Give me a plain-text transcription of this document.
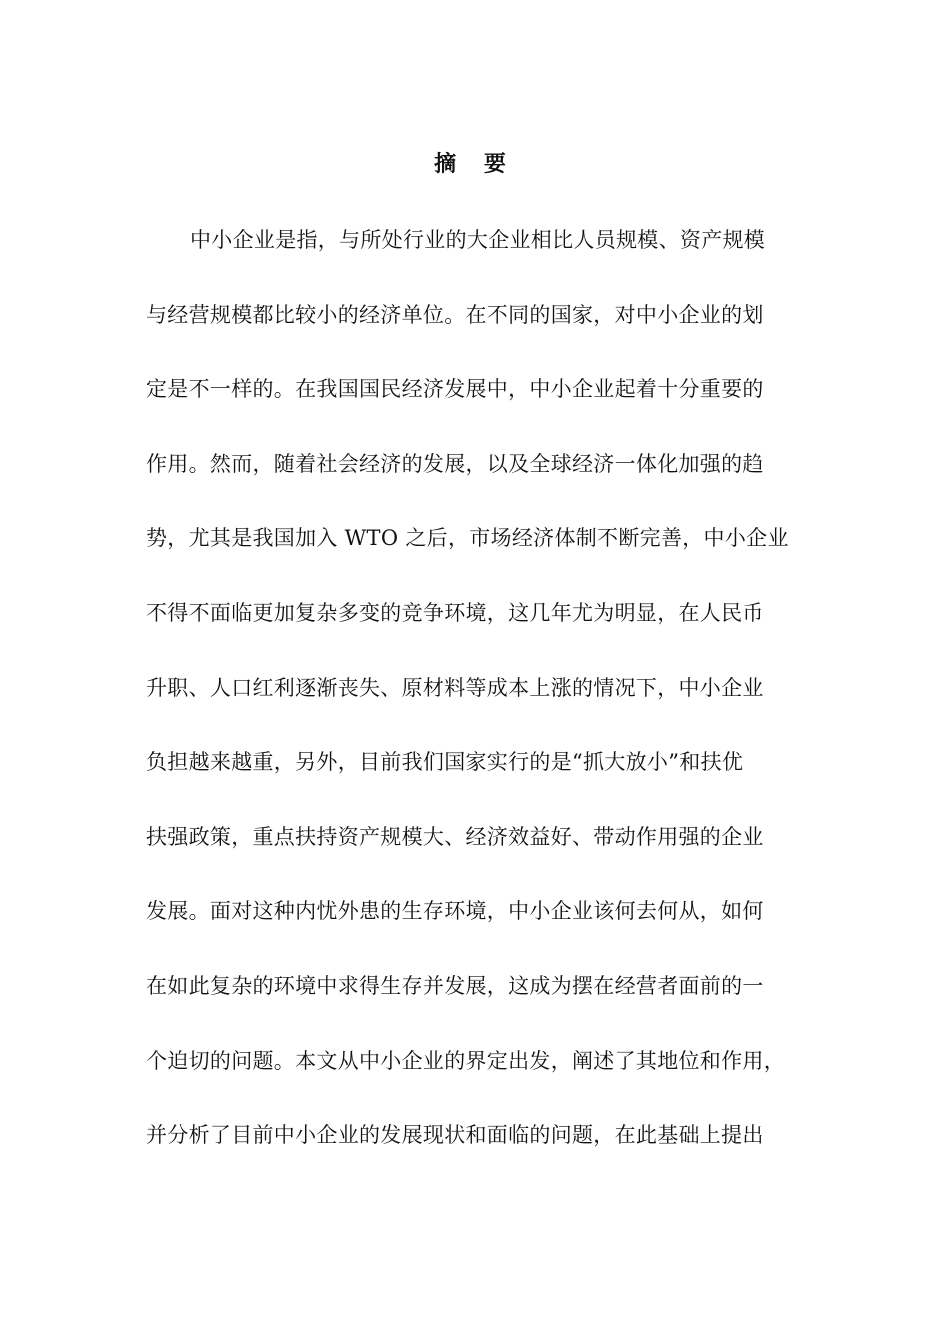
摘 要
中小企业是指，与所处行业的大企业相比人员规模、资产规模
与经营规模都比较小的经济单位。在不同的国家，对中小企业的划
定是不一样的。在我国国民经济发展中，中小企业起着十分重要的
作用。然而，随着社会经济的发展，以及全球经济一体化加强的趋
势，尤其是我国加入 WTO 之后，市场经济体制不断完善，中小企业
不得不面临更加复杂多变的竞争环境，这几年尤为明显，在人民币
升职、人口红利逐渐丧失、原材料等成本上涨的情况下，中小企业
负担越来越重，另外，目前我们国家实行的是“抓大放小”和扶优
扶强政策，重点扶持资产规模大、经济效益好、带动作用强的企业
发展。面对这种内忧外患的生存环境，中小企业该何去何从，如何
在如此复杂的环境中求得生存并发展，这成为摆在经营者面前的一
个迫切的问题。本文从中小企业的界定出发，阐述了其地位和作用，
并分析了目前中小企业的发展现状和面临的问题，在此基础上提出
